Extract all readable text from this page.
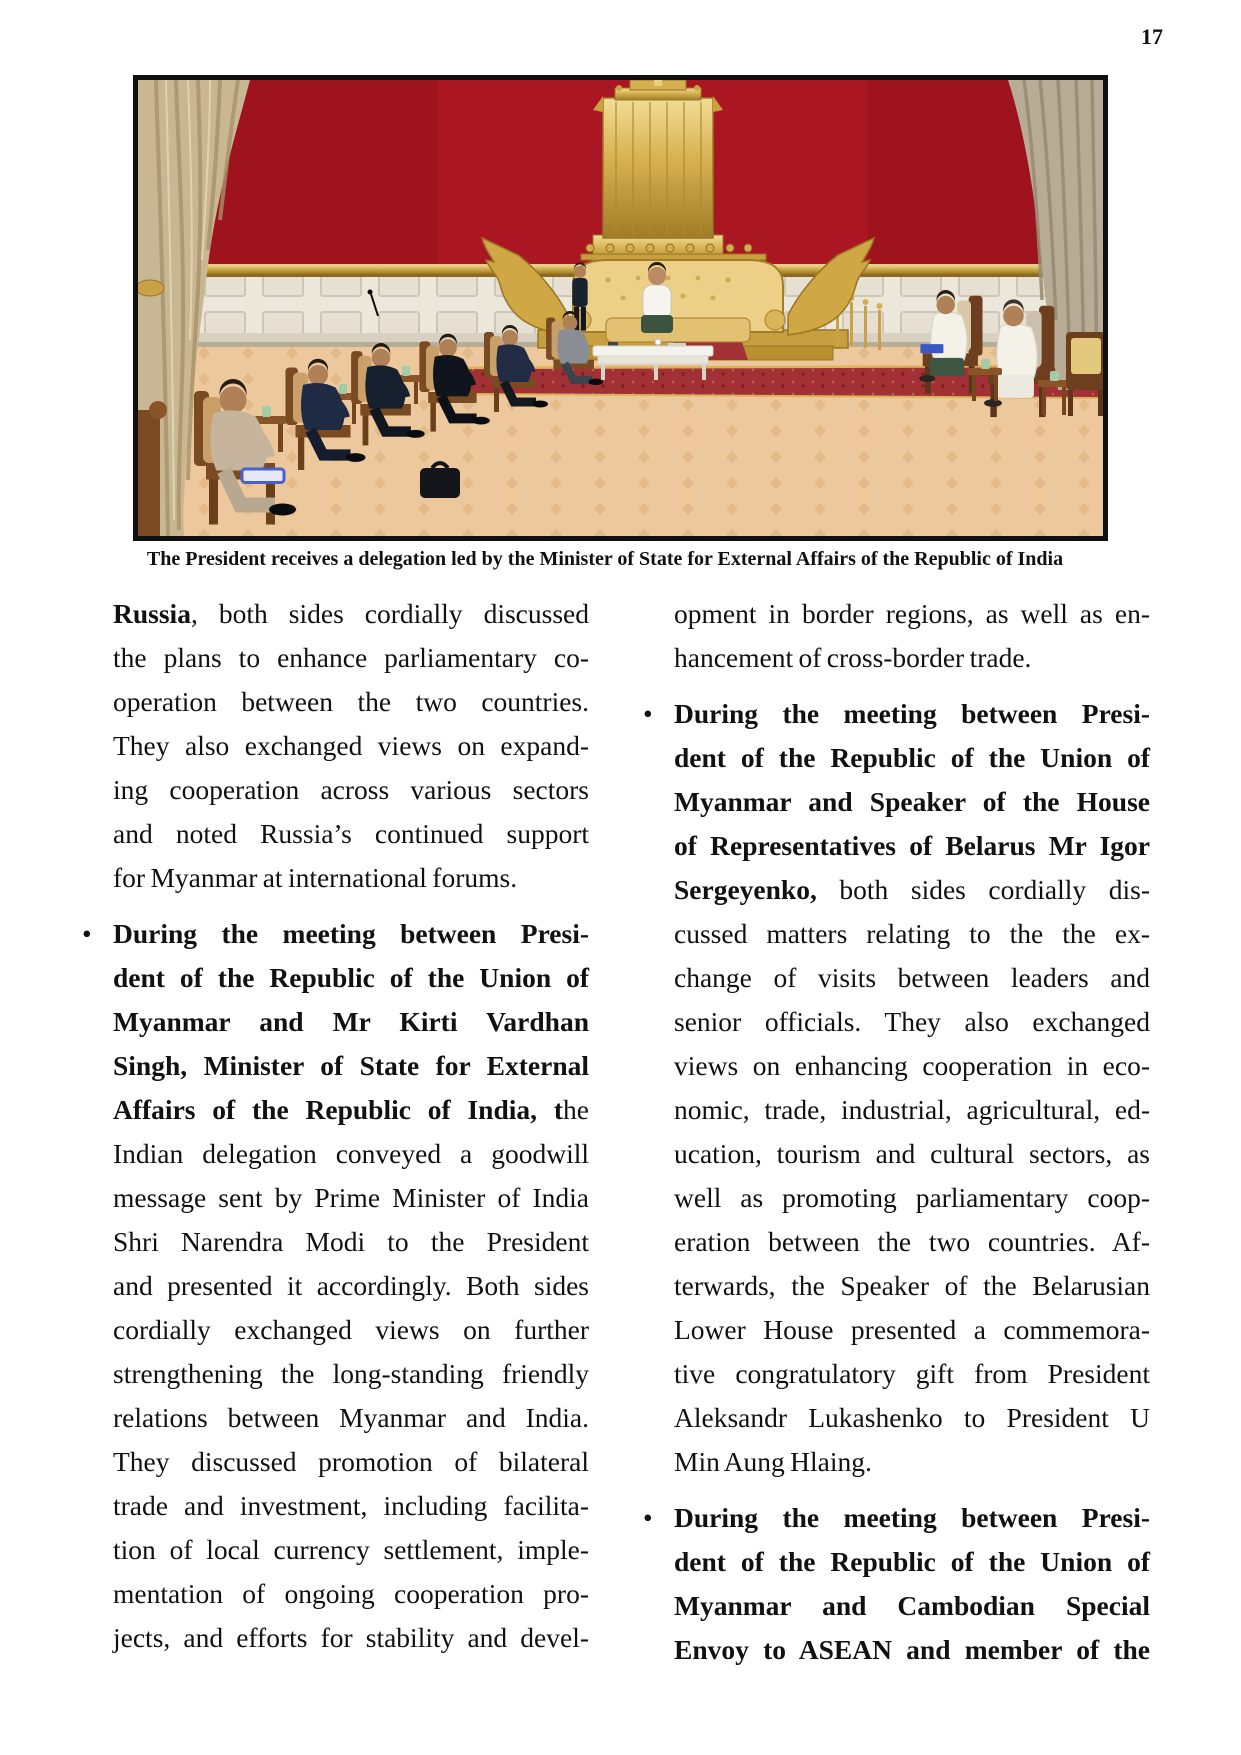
17
The President receives a delegation led by the Minister of State for External Affairs of the Republic of India
Russia, both sides cordially discussed
the plans to enhance parliamentary co-
operation between the two countries.
They also exchanged views on expand-
ing cooperation across various sectors
and noted Russia’s continued support
for Myanmar at international forums.
• During the meeting between Presi-
dent of the Republic of the Union of
Myanmar and Mr Kirti Vardhan
Singh, Minister of State for External
Affairs of the Republic of India, the
Indian delegation conveyed a goodwill
message sent by Prime Minister of India
Shri Narendra Modi to the President
and presented it accordingly. Both sides
cordially exchanged views on further
strengthening the long-standing friendly
relations between Myanmar and India.
They discussed promotion of bilateral
trade and investment, including facilita-
tion of local currency settlement, imple-
mentation of ongoing cooperation pro-
jects, and efforts for stability and devel-
opment in border regions, as well as en-
hancement of cross-border trade.
• During the meeting between Presi-
dent of the Republic of the Union of
Myanmar and Speaker of the House
of Representatives of Belarus Mr Igor
Sergeyenko, both sides cordially dis-
cussed matters relating to the the ex-
change of visits between leaders and
senior officials. They also exchanged
views on enhancing cooperation in eco-
nomic, trade, industrial, agricultural, ed-
ucation, tourism and cultural sectors, as
well as promoting parliamentary coop-
eration between the two countries. Af-
terwards, the Speaker of the Belarusian
Lower House presented a commemora-
tive congratulatory gift from President
Aleksandr Lukashenko to President U
Min Aung Hlaing.
• During the meeting between Presi-
dent of the Republic of the Union of
Myanmar and Cambodian Special
Envoy to ASEAN and member of the
